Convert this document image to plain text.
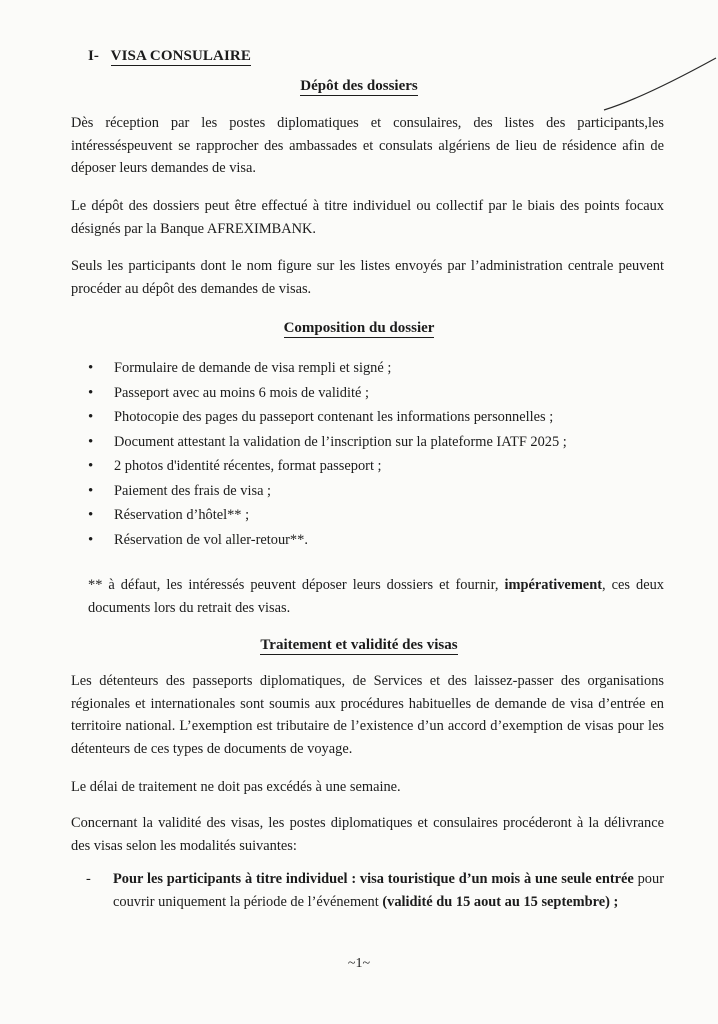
I- VISA CONSULAIRE
Dépôt des dossiers

Dès réception par les postes diplomatiques et consulaires, des listes des participants,les intéresséspeuvent se rapprocher des ambassades et consulats algériens de lieu de résidence afin de déposer leurs demandes de visa.

Le dépôt des dossiers peut être effectué à titre individuel ou collectif par le biais des points focaux désignés par la Banque AFREXIMBANK.

Seuls les participants dont le nom figure sur les listes envoyés par l’administration centrale peuvent procéder au dépôt des demandes de visas.

Composition du dossier
• Formulaire de demande de visa rempli et signé ;
• Passeport avec au moins 6 mois de validité ;
• Photocopie des pages du passeport contenant les informations personnelles ;
• Document attestant la validation de l’inscription sur la plateforme IATF 2025 ;
• 2 photos d'identité récentes, format passeport ;
• Paiement des frais de visa ;
• Réservation d’hôtel** ;
• Réservation de vol aller-retour**.

** à défaut, les intéressés peuvent déposer leurs dossiers et fournir, impérativement, ces deux documents lors du retrait des visas.

Traitement et validité des visas

Les détenteurs des passeports diplomatiques, de Services et des laissez-passer des organisations régionales et internationales sont soumis aux procédures habituelles de demande de visa d’entrée en territoire national. L’exemption est tributaire de l’existence d’un accord d’exemption de visas pour les détenteurs de ces types de documents de voyage.

Le délai de traitement ne doit pas excédés à une semaine.

Concernant la validité des visas, les postes diplomatiques et consulaires procéderont à la délivrance des visas selon les modalités suivantes:

- Pour les participants à titre individuel : visa touristique d’un mois à une seule entrée pour couvrir uniquement la période de l’événement (validité du 15 aout au 15 septembre) ;
~1~
